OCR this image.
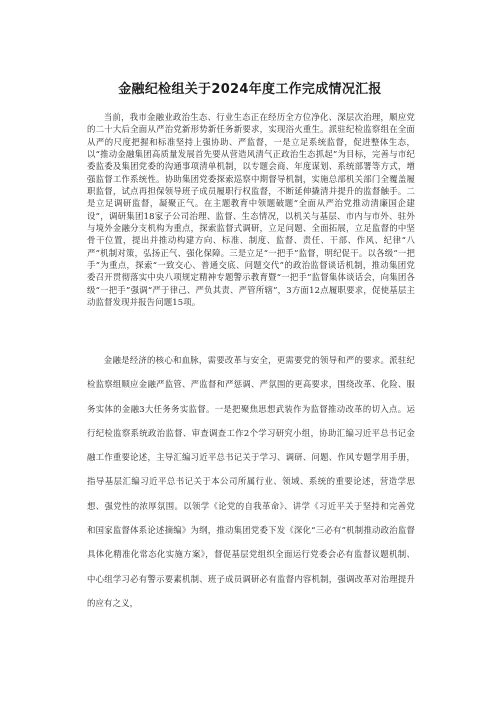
金融纪检组关于2024年度工作完成情况汇报

当前，我市金融业政治生态、行业生态正在经历全方位净化、深层次治理，顺应党的二十大后全面从严治党新形势新任务新要求，实现浴火重生。派驻纪检监察组在全面从严的尺度把握和标准坚持上强协助、严监督，一是立足系统监督，促进整体生态，以“推动金融集团高质量发展首先要从营造风清气正政治生态抓起”为目标，完善与市纪委监委及集团党委的沟通事项清单机制，以专题会商、年度谋划、系统部署等方式，增强监督工作系统性。协助集团党委探索巡察中期督导机制，实施总部机关部门全覆盖履职监督，试点再担保领导班子成员履职行权监督，不断延伸撬清并提升的监督触手。二是立足调研监督，凝聚正气。在主题教育中领题破题“全面从严治党推动清廉国企建设”，调研集团18家子公司治理、监督、生态情况，以机关与基层、市内与市外、驻外与境外金融分支机构为重点，探索监督式调研，立足问题、全面拓展，立足监督的中坚骨干位置，提出并推动构建方向、标准、制度、监督、责任、干部、作风、纪律“八严”机制对策，弘扬正气、强化保障。三是立足“一把手”监督，明纪促干。以各级“一把手”为重点，探索“一致交心、普通交底、问题交代”的政治监督谈话机制，推动集团党委召开贯彻落实中央八项规定精神专题警示教育暨“一把手”监督集体谈话会，向集团各级“一把手”强调“严于律己、严负其责、严管所辖”，3方面12点履职要求，促使基层主动监督发现并报告问题15项。

金融是经济的核心和血脉，需要改革与安全，更需要党的领导和严的要求。派驻纪检监察组顺应金融严监管、严监督和严惩调、严氛围的更高要求，围绕改革、化险、服务实体的金融3大任务务实监督。一是把聚焦思想武装作为监督推动改革的切入点。运行纪检监察系统政治监督、审查调查工作2个学习研究小组，协助汇编习近平总书记金融工作重要论述，主导汇编习近平总书记关于学习、调研、问题、作风专题学用手册，指导基层汇编习近平总书记关于本公司所属行业、领域、系统的重要论述，营造学思想、强党性的浓厚氛围。以领学《论党的自我革命》、讲学《习近平关于坚持和完善党和国家监督体系论述摘编》为纲，推动集团党委下发《深化“三必有”机制推动政治监督具体化精准化常态化实施方案》，督促基层党组织全面运行党委会必有监督议题机制、中心组学习必有警示要素机制、班子成员调研必有监督内容机制，强调改革对治理提升的应有之义，
